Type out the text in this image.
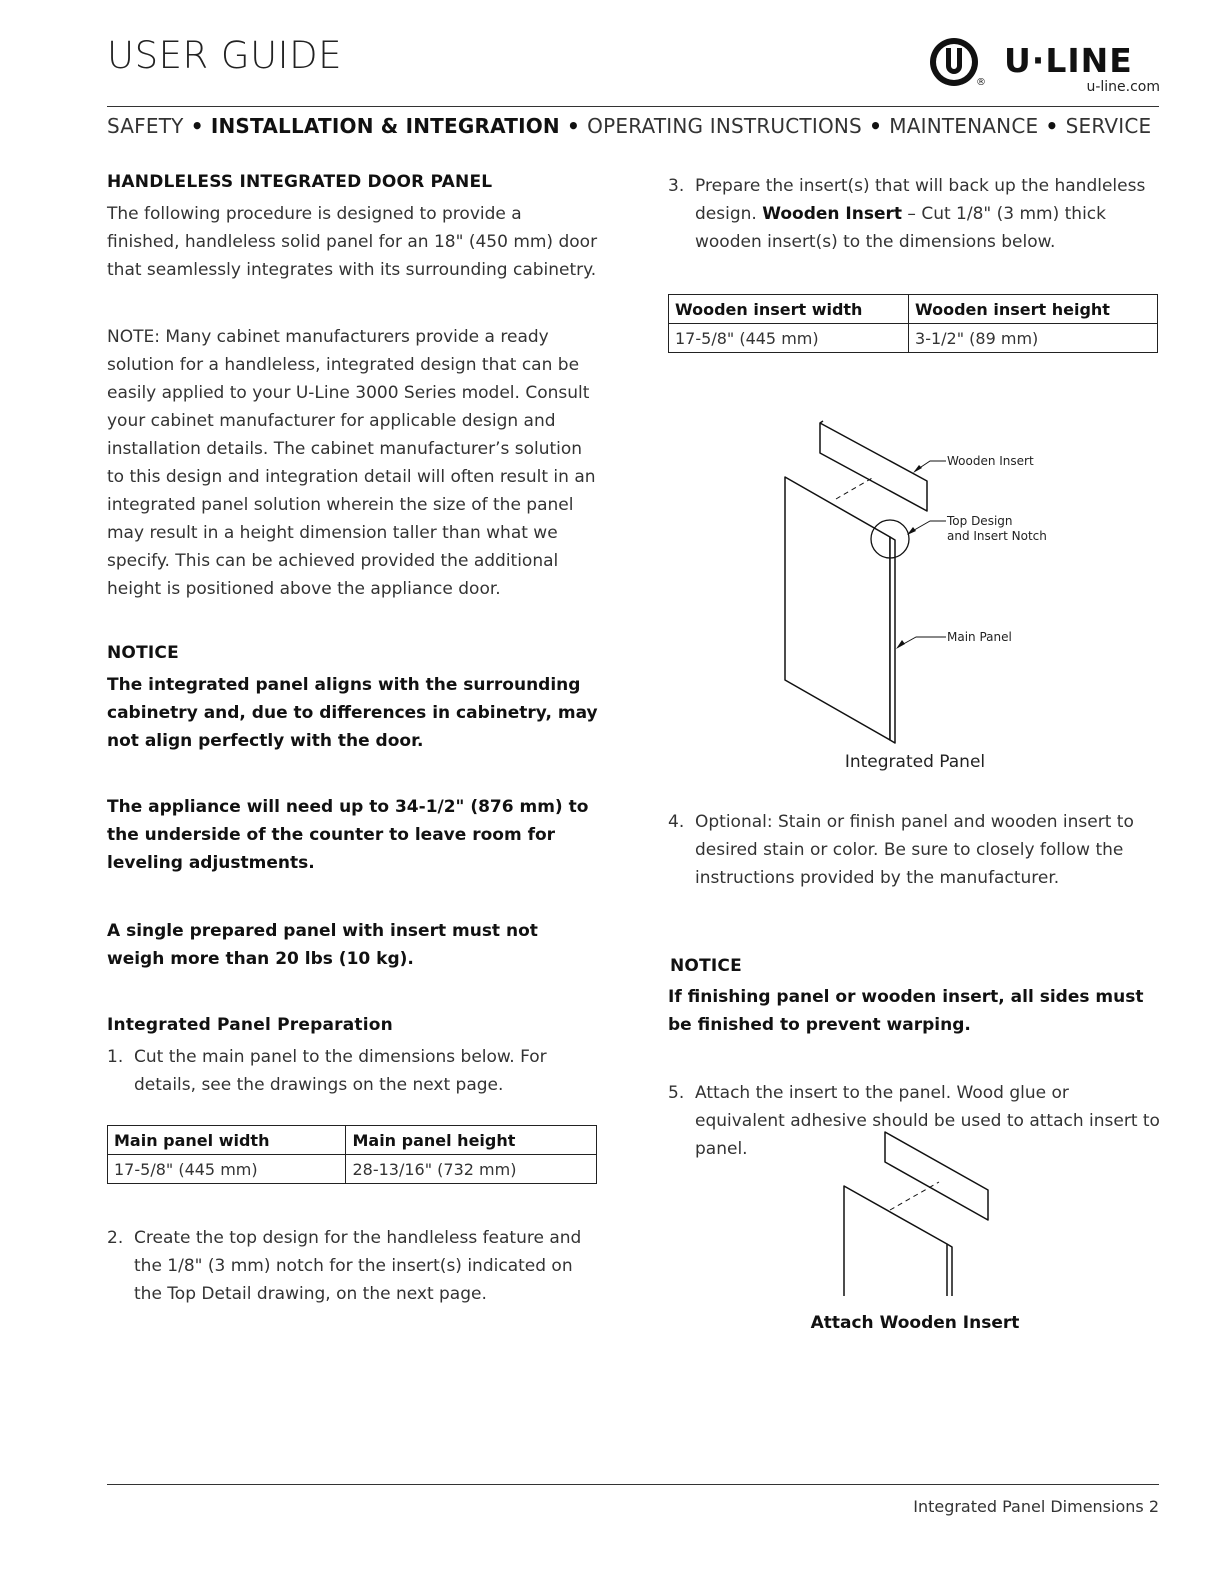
USER GUIDE
®
U·LINE
u-line.com
SAFETY • INSTALLATION & INTEGRATION • OPERATING INSTRUCTIONS • MAINTENANCE • SERVICE
HANDLELESS INTEGRATED DOOR PANEL

The following procedure is designed to provide a finished, handleless solid panel for an 18" (450 mm) door that seamlessly integrates with its surrounding cabinetry.

NOTE: Many cabinet manufacturers provide a ready solution for a handleless, integrated design that can be easily applied to your U-Line 3000 Series model. Consult your cabinet manufacturer for applicable design and installation details. The cabinet manufacturer’s solution to this design and integration detail will often result in an integrated panel solution wherein the size of the panel may result in a height dimension taller than what we specify. This can be achieved provided the additional height is positioned above the appliance door.

NOTICE

The integrated panel aligns with the surrounding cabinetry and, due to differences in cabinetry, may not align perfectly with the door.

The appliance will need up to 34-1/2" (876 mm) to the underside of the counter to leave room for leveling adjustments.

A single prepared panel with insert must not weigh more than 20 lbs (10 kg).

Integrated Panel Preparation
1. Cut the main panel to the dimensions below. For details, see the drawings on the next page.
Main panel width	Main panel height
17-5/8" (445 mm)	28-13/16" (732 mm)
2. Create the top design for the handleless feature and the 1/8" (3 mm) notch for the insert(s) indicated on the Top Detail drawing, on the next page.
3. Prepare the insert(s) that will back up the handleless design. Wooden Insert – Cut 1/8" (3 mm) thick wooden insert(s) to the dimensions below.
Wooden insert width	Wooden insert height
17-5/8" (445 mm)	3-1/2" (89 mm)
Wooden Insert
Top Design
and Insert Notch
Main Panel
Integrated Panel
4. Optional: Stain or finish panel and wooden insert to desired stain or color. Be sure to closely follow the instructions provided by the manufacturer.
NOTICE

If finishing panel or wooden insert, all sides must be finished to prevent warping.

5. Attach the insert to the panel. Wood glue or equivalent adhesive should be used to attach insert to panel.
Attach Wooden Insert
Integrated Panel Dimensions 2
